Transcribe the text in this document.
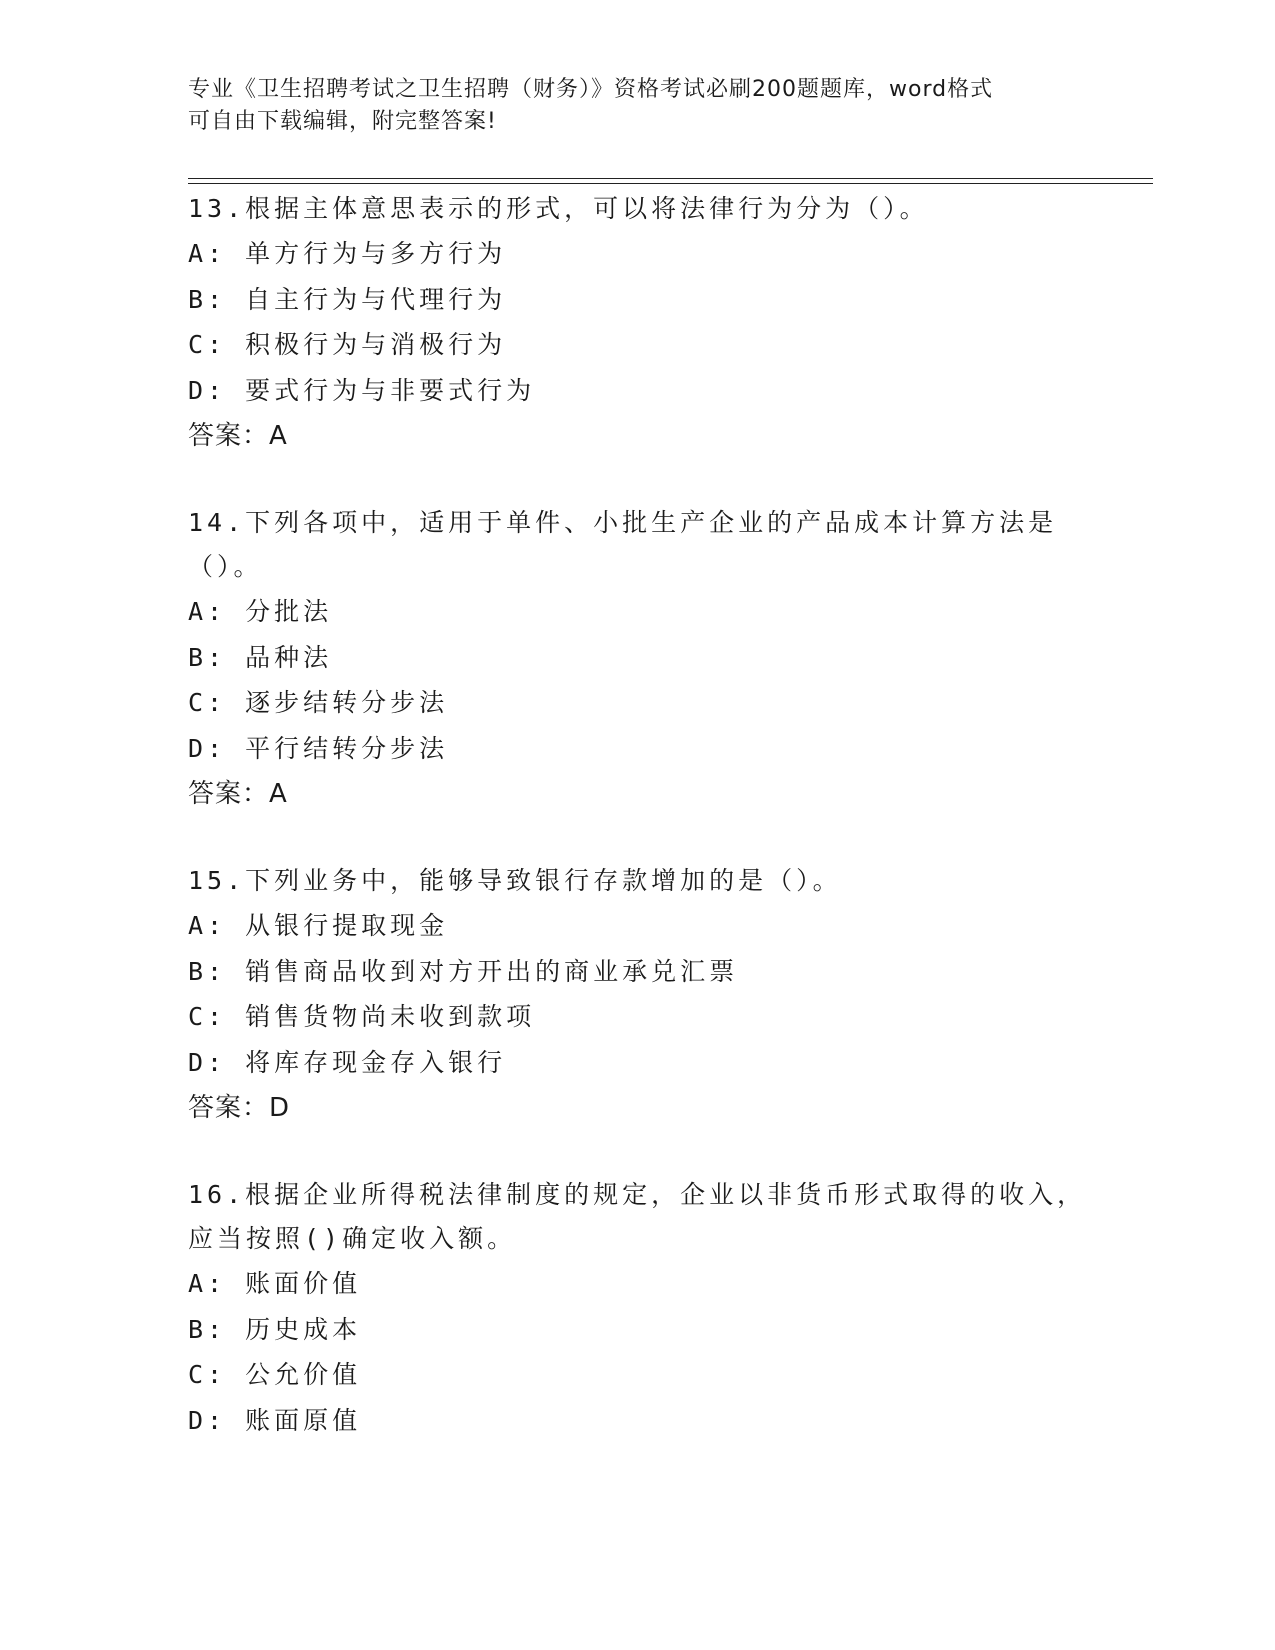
专业《卫生招聘考试之卫生招聘（财务）》资格考试必刷200题题库，word格式
可自由下载编辑，附完整答案!
13.根据主体意思表示的形式，可以将法律行为分为（）。
A: 单方行为与多方行为
B: 自主行为与代理行为
C: 积极行为与消极行为
D: 要式行为与非要式行为
答案：A
14.下列各项中，适用于单件、小批生产企业的产品成本计算方法是（）。
A: 分批法
B: 品种法
C: 逐步结转分步法
D: 平行结转分步法
答案：A
15.下列业务中，能够导致银行存款增加的是（）。
A: 从银行提取现金
B: 销售商品收到对方开出的商业承兑汇票
C: 销售货物尚未收到款项
D: 将库存现金存入银行
答案：D
16.根据企业所得税法律制度的规定，企业以非货币形式取得的收入，应当按照()确定收入额。
A: 账面价值
B: 历史成本
C: 公允价值
D: 账面原值
